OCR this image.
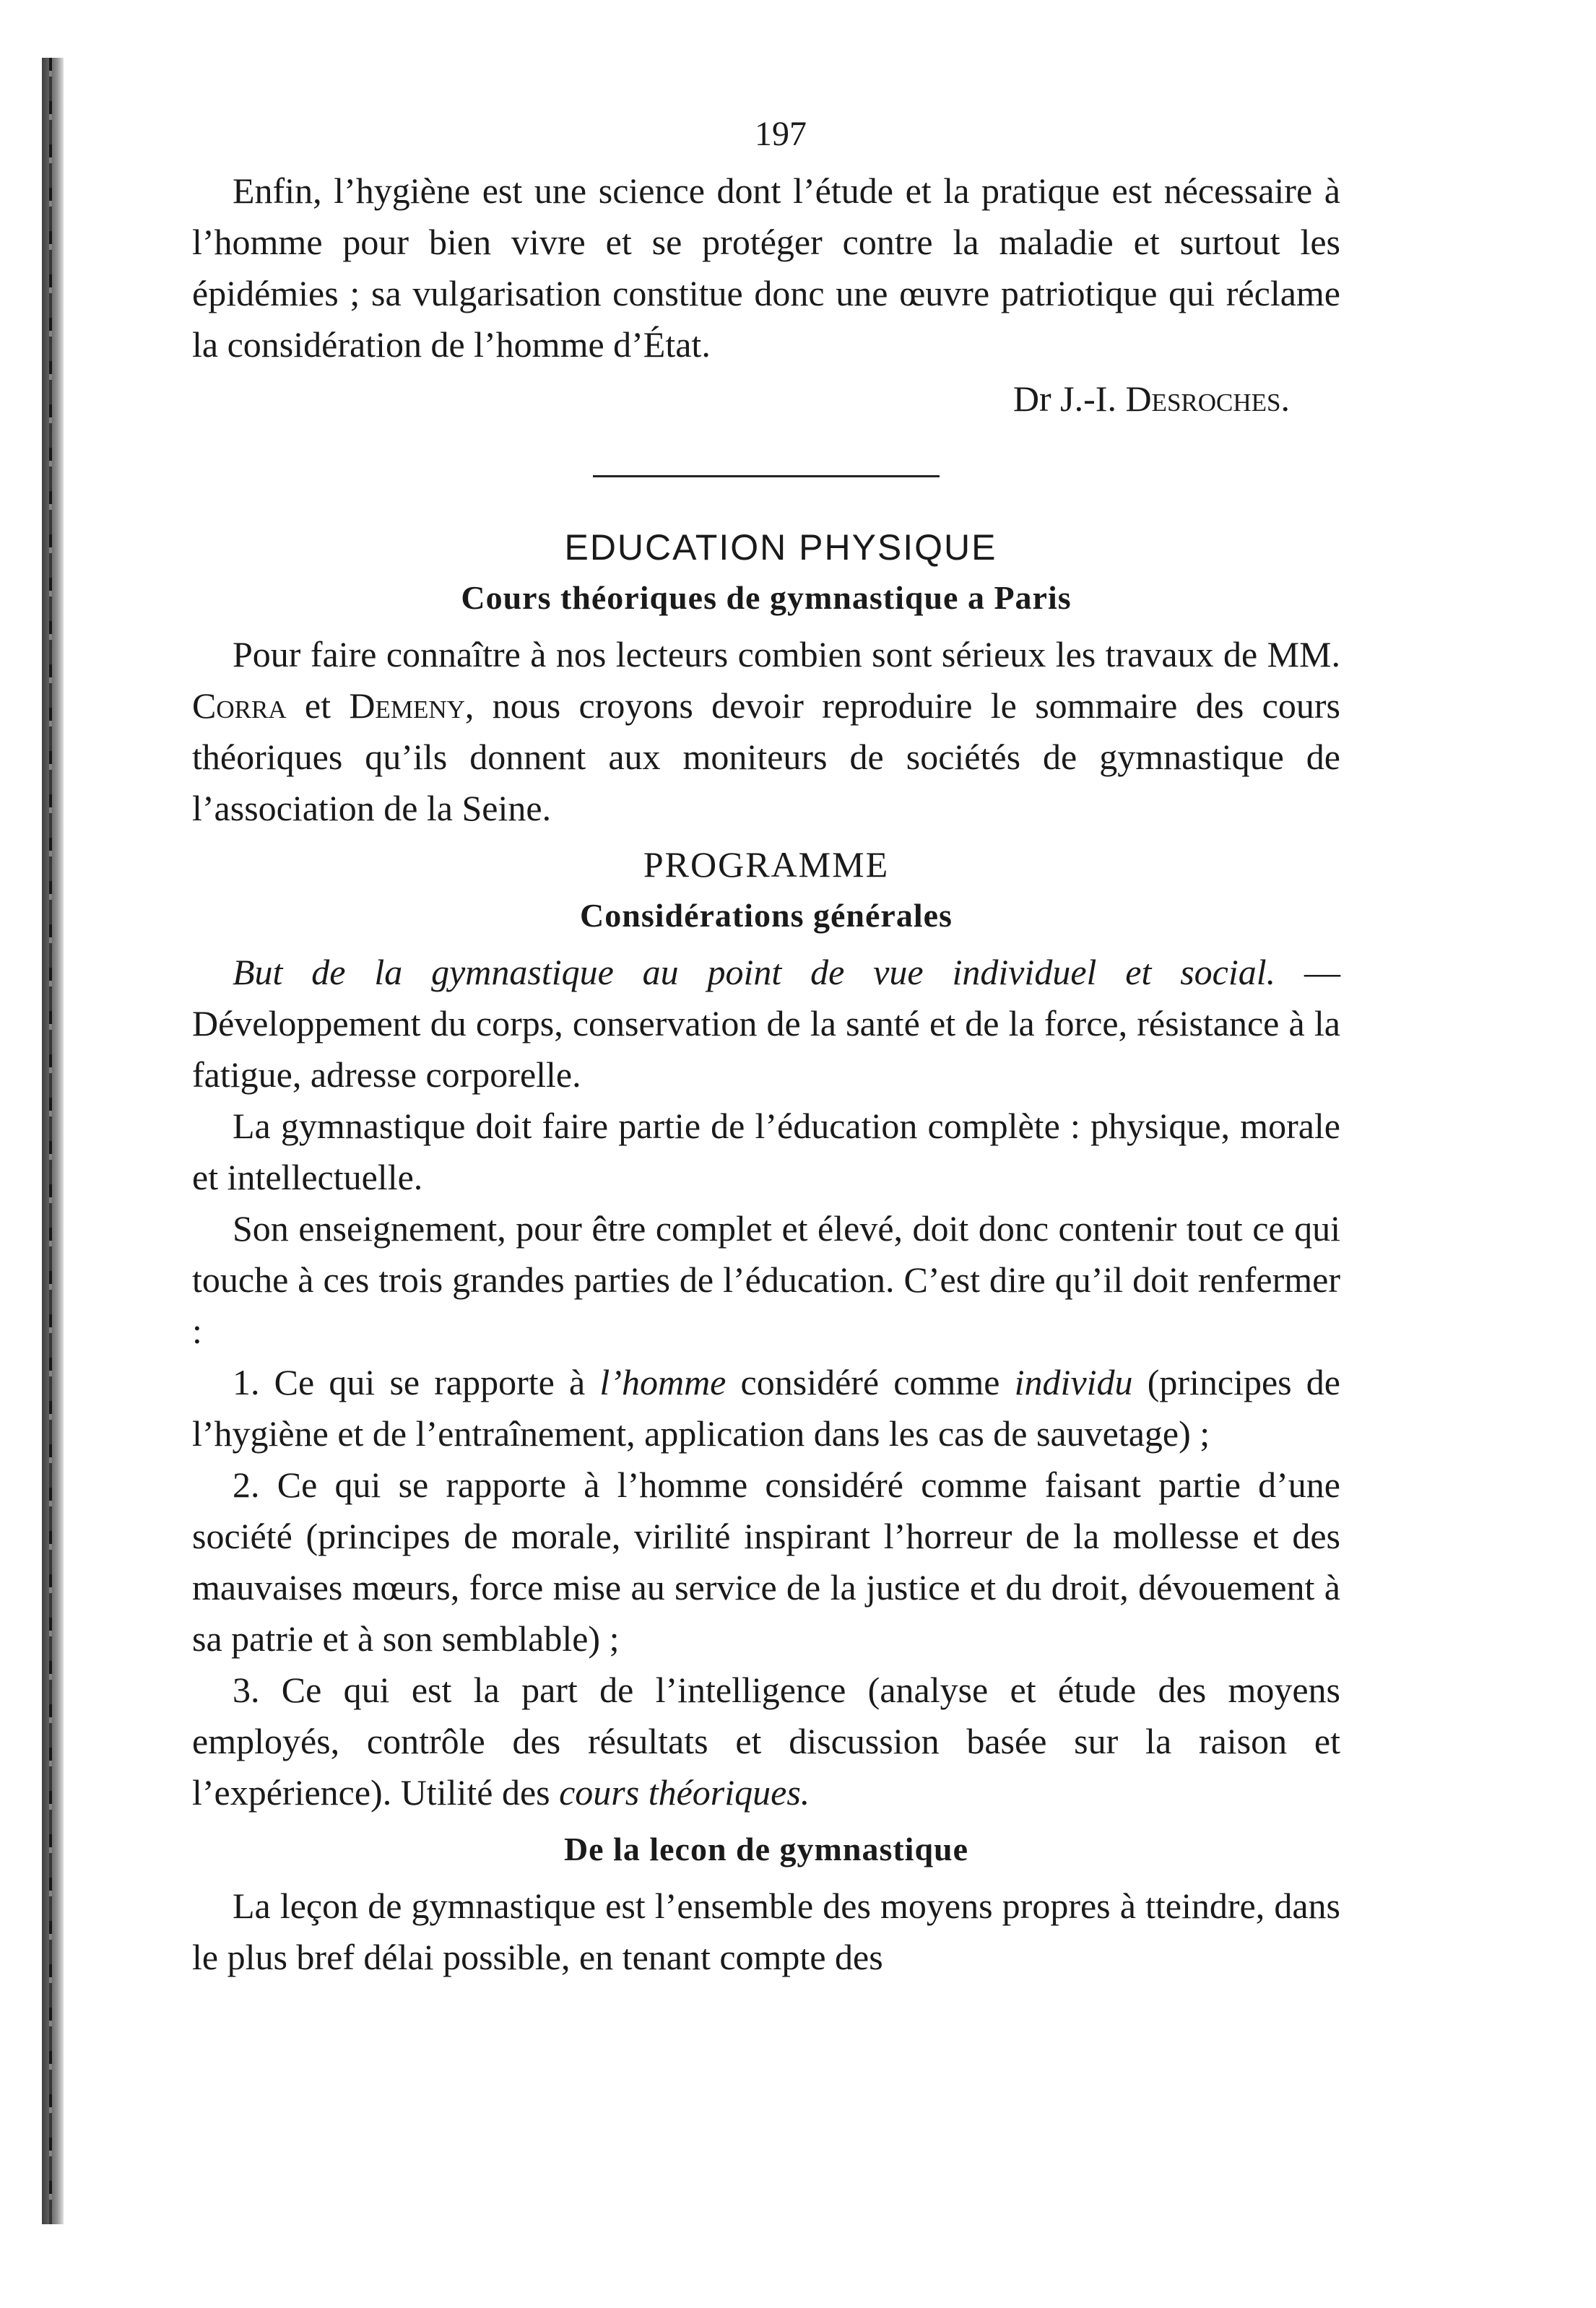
197

Enfin, l’hygiène est une science dont l’étude et la pratique est nécessaire à l’homme pour bien vivre et se protéger contre la maladie et surtout les épidémies ; sa vulgarisation constitue donc une œuvre patriotique qui réclame la considération de l’homme d’État.

Dr J.-I. Desroches.
EDUCATION PHYSIQUE
Cours théoriques de gymnastique a Paris

Pour faire connaître à nos lecteurs combien sont sérieux les travaux de MM. Corra et Demeny, nous croyons devoir reproduire le sommaire des cours théoriques qu’ils donnent aux moniteurs de sociétés de gymnastique de l’association de la Seine.

PROGRAMME
Considérations générales

But de la gymnastique au point de vue individuel et social. — Développement du corps, conservation de la santé et de la force, résistance à la fatigue, adresse corporelle.

La gymnastique doit faire partie de l’éducation complète : physique, morale et intellectuelle.

Son enseignement, pour être complet et élevé, doit donc contenir tout ce qui touche à ces trois grandes parties de l’éducation. C’est dire qu’il doit renfermer :

1. Ce qui se rapporte à l’homme considéré comme individu (principes de l’hygiène et de l’entraînement, application dans les cas de sauvetage) ;

2. Ce qui se rapporte à l’homme considéré comme faisant partie d’une société (principes de morale, virilité inspirant l’horreur de la mollesse et des mauvaises mœurs, force mise au service de la justice et du droit, dévouement à sa patrie et à son semblable) ;

3. Ce qui est la part de l’intelligence (analyse et étude des moyens employés, contrôle des résultats et discussion basée sur la raison et l’expérience). Utilité des cours théoriques.

De la lecon de gymnastique

La leçon de gymnastique est l’ensemble des moyens propres à tteindre, dans le plus bref délai possible, en tenant compte des
